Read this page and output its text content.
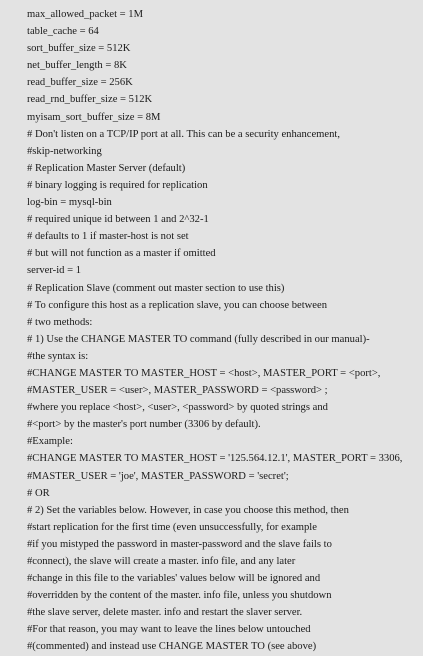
max_allowed_packet = 1M
table_cache = 64
sort_buffer_size = 512K
net_buffer_length = 8K
read_buffer_size = 256K
read_rnd_buffer_size = 512K
myisam_sort_buffer_size = 8M
# Don't listen on a TCP/IP port at all. This can be a security enhancement,
#skip-networking
# Replication Master Server (default)
# binary logging is required for replication
log-bin = mysql-bin
# required unique id between 1 and 2^32-1
# defaults to 1 if master-host is not set
# but will not function as a master if omitted
server-id = 1
# Replication Slave (comment out master section to use this)
# To configure this host as a replication slave, you can choose between
# two methods:
# 1) Use the CHANGE MASTER TO command (fully described in our manual)-
#the syntax is:
#CHANGE MASTER TO MASTER_HOST = <host>, MASTER_PORT = <port>,
#MASTER_USER = <user>, MASTER_PASSWORD = <password> ;
#where you replace <host>, <user>, <password> by quoted strings and
#<port> by the master's port number (3306 by default).
#Example:
#CHANGE MASTER TO MASTER_HOST = '125.564.12.1', MASTER_PORT = 3306,
#MASTER_USER = 'joe', MASTER_PASSWORD = 'secret';
# OR
# 2) Set the variables below. However, in case you choose this method, then
#start replication for the first time (even unsuccessfully, for example
#if you mistyped the password in master-password and the slave fails to
#connect), the slave will create a master. info file, and any later
#change in this file to the variables' values below will be ignored and
#overridden by the content of the master. info file, unless you shutdown
#the slave server, delete master. info and restart the slaver server.
#For that reason, you may want to leave the lines below untouched
#(commented) and instead use CHANGE MASTER TO (see above)
